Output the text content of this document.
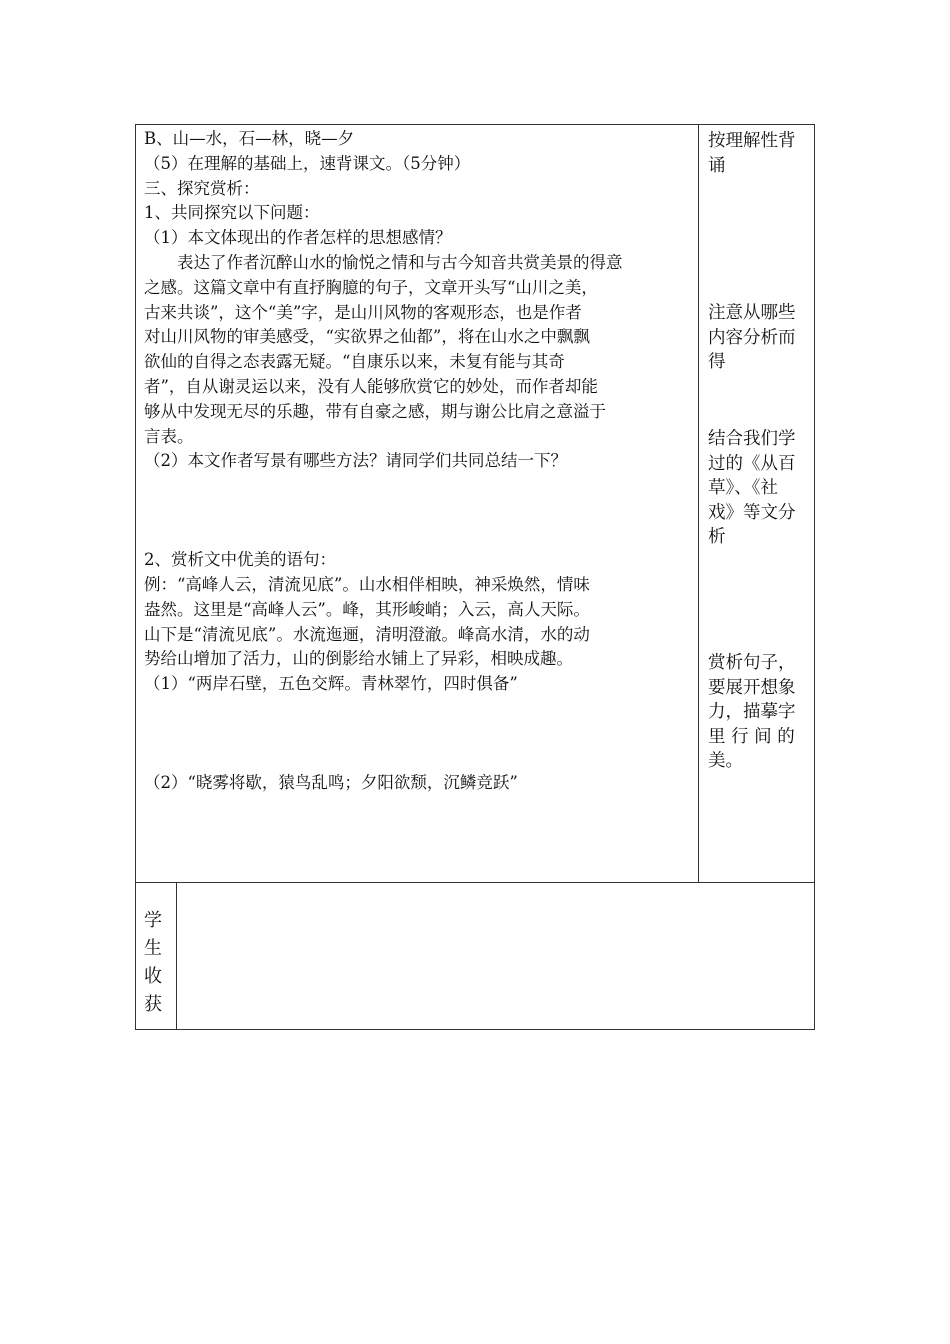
B、山—水，石—林，晓—夕

（5）在理解的基础上，速背课文。（5分钟）

三、探究赏析：

1、共同探究以下问题：

（1）本文体现出的作者怎样的思想感情？

　　表达了作者沉醉山水的愉悦之情和与古今知音共赏美景的得意

之感。这篇文章中有直抒胸臆的句子，文章开头写“山川之美，

古来共谈”，这个“美”字，是山川风物的客观形态，也是作者

对山川风物的审美感受，“实欲界之仙都”，将在山水之中飘飘

欲仙的自得之态表露无疑。“自康乐以来，未复有能与其奇

者”，自从谢灵运以来，没有人能够欣赏它的妙处，而作者却能

够从中发现无尽的乐趣，带有自豪之感，期与谢公比肩之意溢于

言表。

（2）本文作者写景有哪些方法？请同学们共同总结一下？

2、赏析文中优美的语句：

例：“高峰人云，清流见底”。山水相伴相映，神采焕然，情味

盎然。这里是“高峰人云”。峰，其形峻峭；入云，高人天际。

山下是“清流见底”。水流迤逦，清明澄澈。峰高水清，水的动

势给山增加了活力，山的倒影给水铺上了异彩，相映成趣。

（1）“两岸石壁，五色交辉。青林翠竹，四时俱备”

（2）“晓雾将歇，猿鸟乱鸣；夕阳欲颓，沉鳞竞跃”

按理解性背

诵

注意从哪些

内容分析而

得

结合我们学

过的《从百

草》、《社

戏》等文分

析

赏析句子，

要展开想象

力，描摹字

里 行 间 的

美。

学
生
收
获
